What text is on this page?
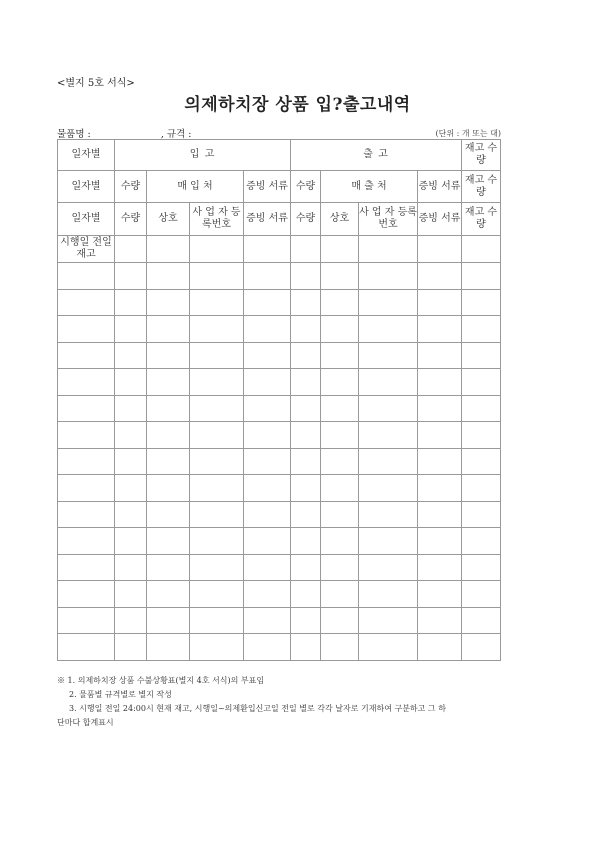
<별지 5호 서식>
의제하치장 상품 입?출고내역
물품명 :	, 규격 :	(단위 : 개 또는 대)
일자별	입 고				출 고				재고 수량
일자별	수량	매 입 처		증빙 서류	수량	매 출 처		증빙 서류	재고 수량
일자별	수량	상호	사 업 자 등록번호	증빙 서류	수량	상호	사 업 자 등록번호	증빙 서류	재고 수량
시행일 전일 재고									

※ 1. 의제하치장 상품 수불상황표(별지 4호 서식)의 부표임
2. 물품별 규격별로 별지 작성
3. 시행일 전일 24:00시 현재 재고, 시행일~의제환입신고일 전일 별로 각각 날자로 기재하여 구분하고 그 하
단마다 합계표시
